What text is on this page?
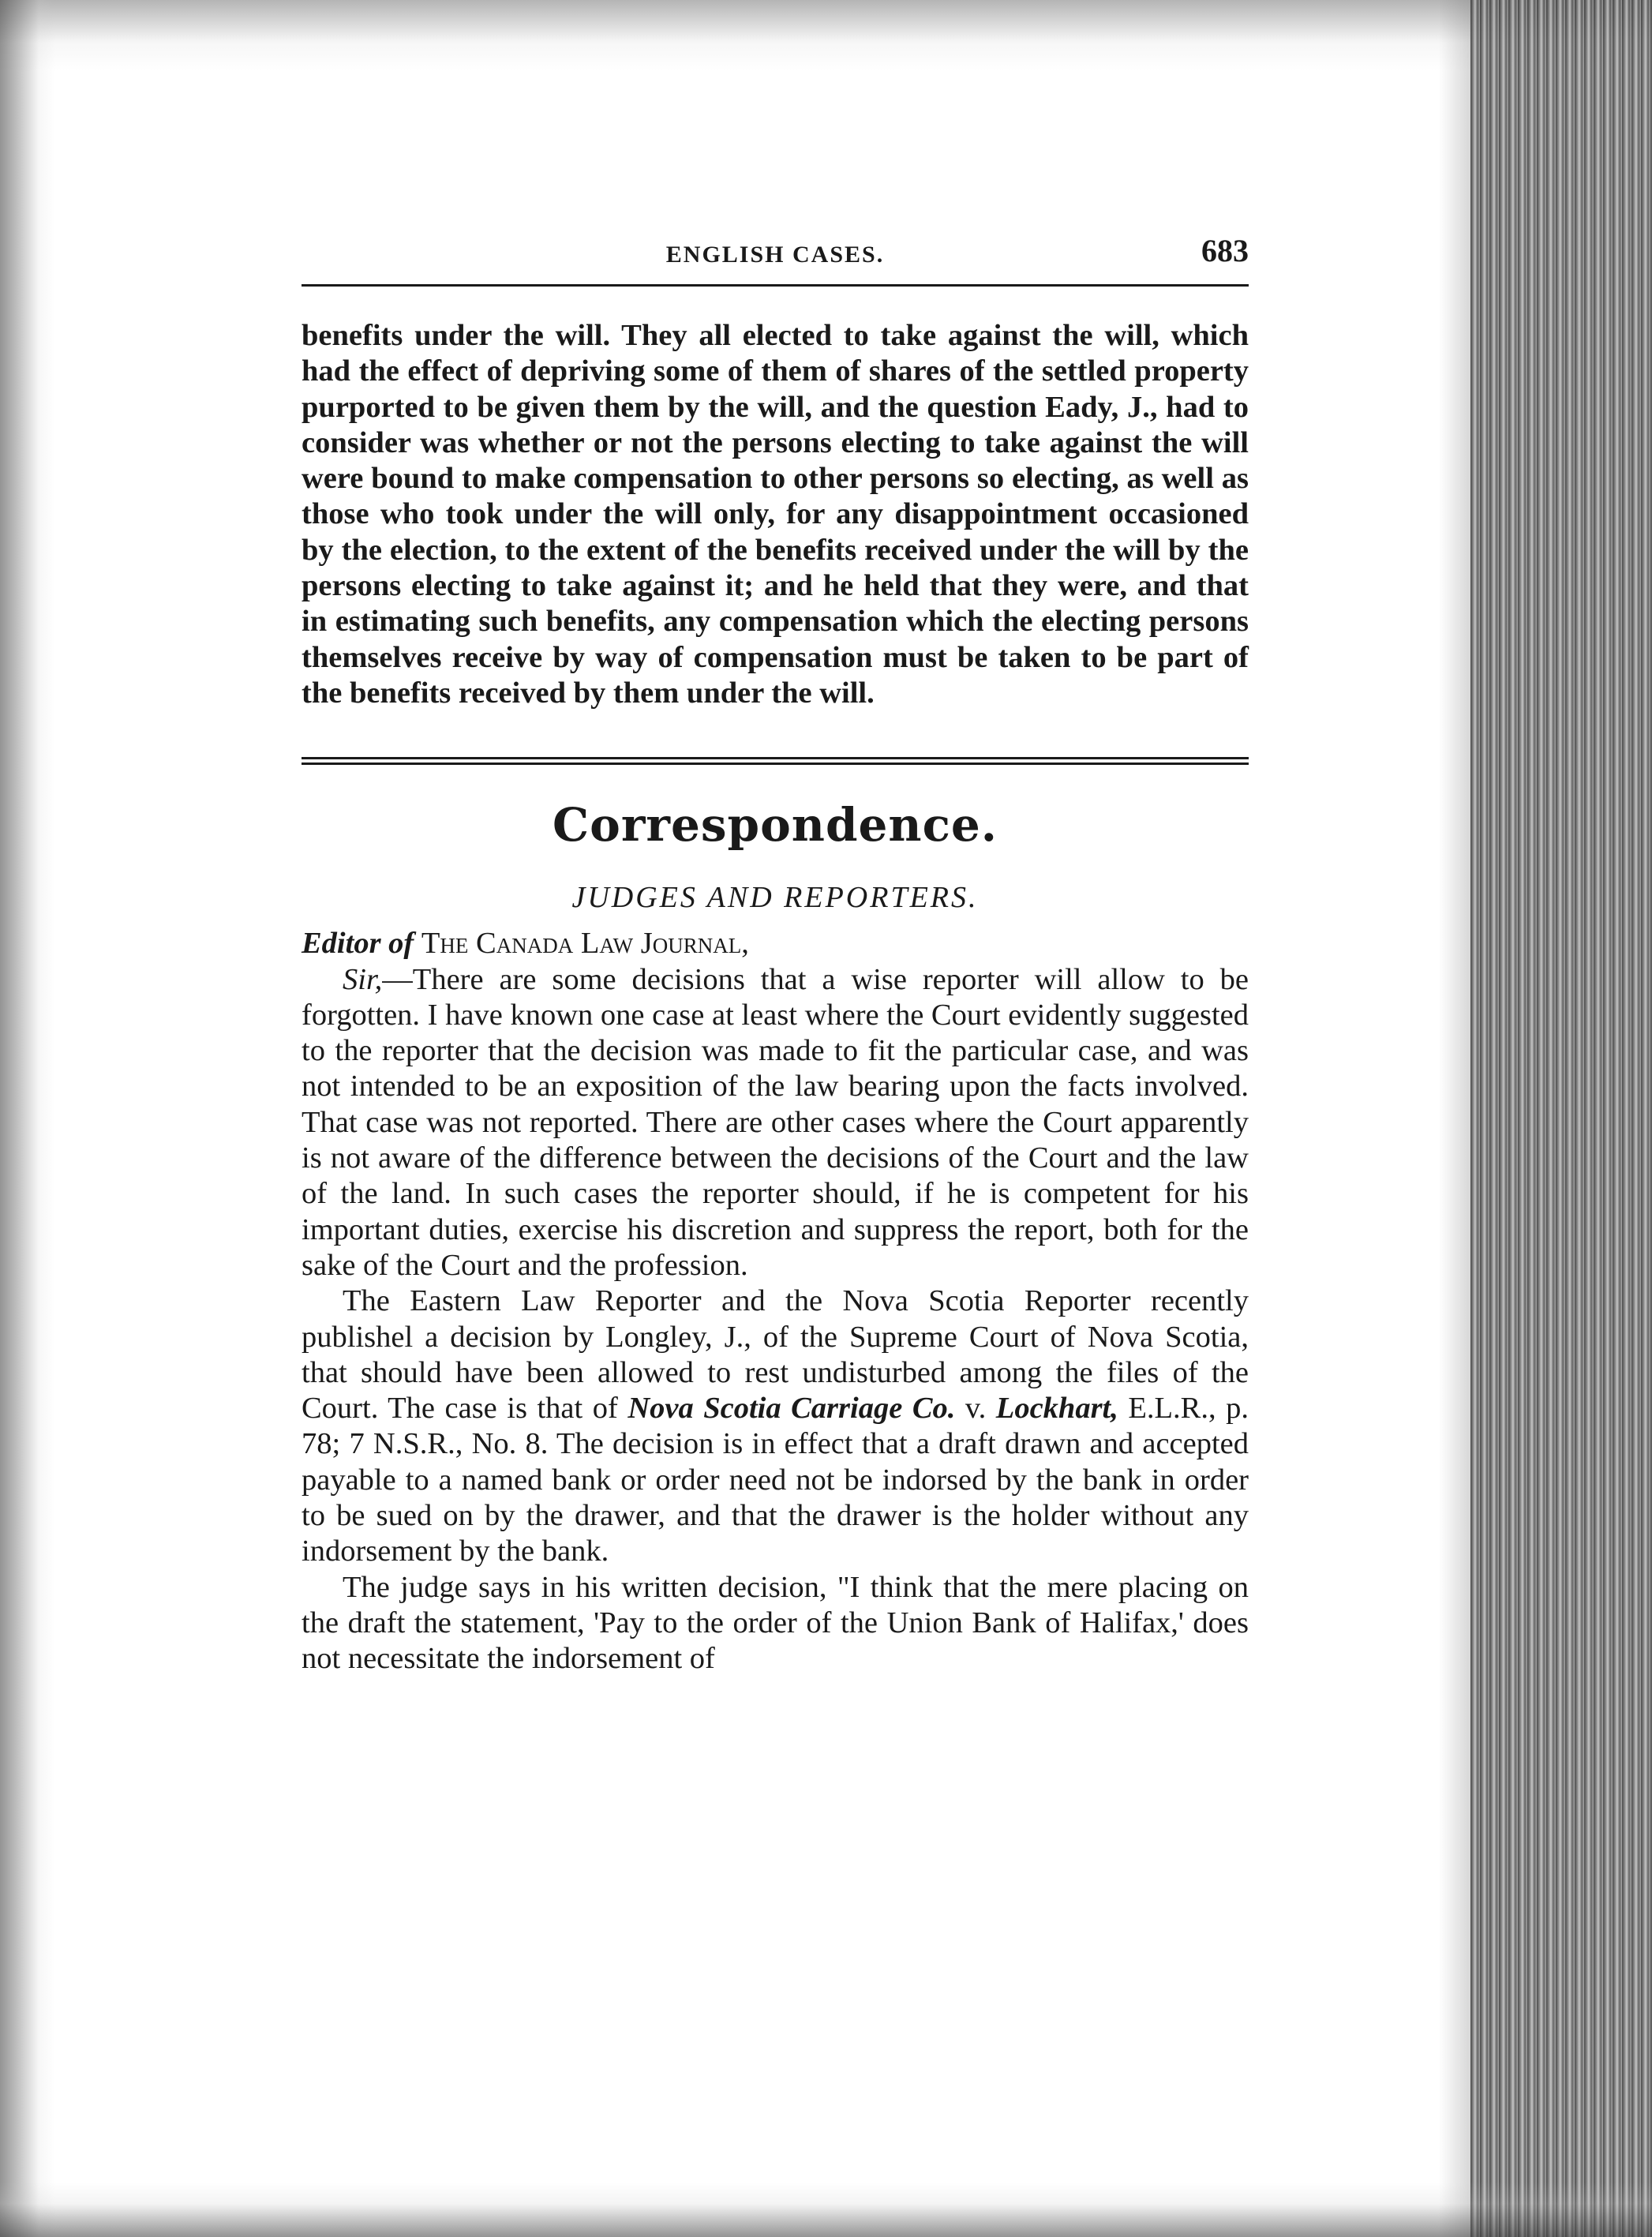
ENGLISH CASES.	683

benefits under the will. They all elected to take against the will, which had the effect of depriving some of them of shares of the settled property purported to be given them by the will, and the question Eady, J., had to consider was whether or not the persons electing to take against the will were bound to make compensation to other persons so electing, as well as those who took under the will only, for any disappointment occasioned by the election, to the extent of the benefits received under the will by the persons electing to take against it; and he held that they were, and that in estimating such benefits, any compensation which the electing persons themselves receive by way of compensation must be taken to be part of the benefits received by them under the will.

Correspondence.
JUDGES AND REPORTERS.

Editor of The Canada Law Journal,

Sir,—There are some decisions that a wise reporter will allow to be forgotten. I have known one case at least where the Court evidently suggested to the reporter that the decision was made to fit the particular case, and was not intended to be an exposition of the law bearing upon the facts involved. That case was not reported. There are other cases where the Court apparently is not aware of the difference between the decisions of the Court and the law of the land. In such cases the reporter should, if he is competent for his important duties, exercise his discretion and suppress the report, both for the sake of the Court and the profession.

The Eastern Law Reporter and the Nova Scotia Reporter recently publishel a decision by Longley, J., of the Supreme Court of Nova Scotia, that should have been allowed to rest undisturbed among the files of the Court. The case is that of Nova Scotia Carriage Co. v. Lockhart, E.L.R., p. 78; 7 N.S.R., No. 8. The decision is in effect that a draft drawn and accepted payable to a named bank or order need not be indorsed by the bank in order to be sued on by the drawer, and that the drawer is the holder without any indorsement by the bank.

The judge says in his written decision, "I think that the mere placing on the draft the statement, 'Pay to the order of the Union Bank of Halifax,' does not necessitate the indorsement of
